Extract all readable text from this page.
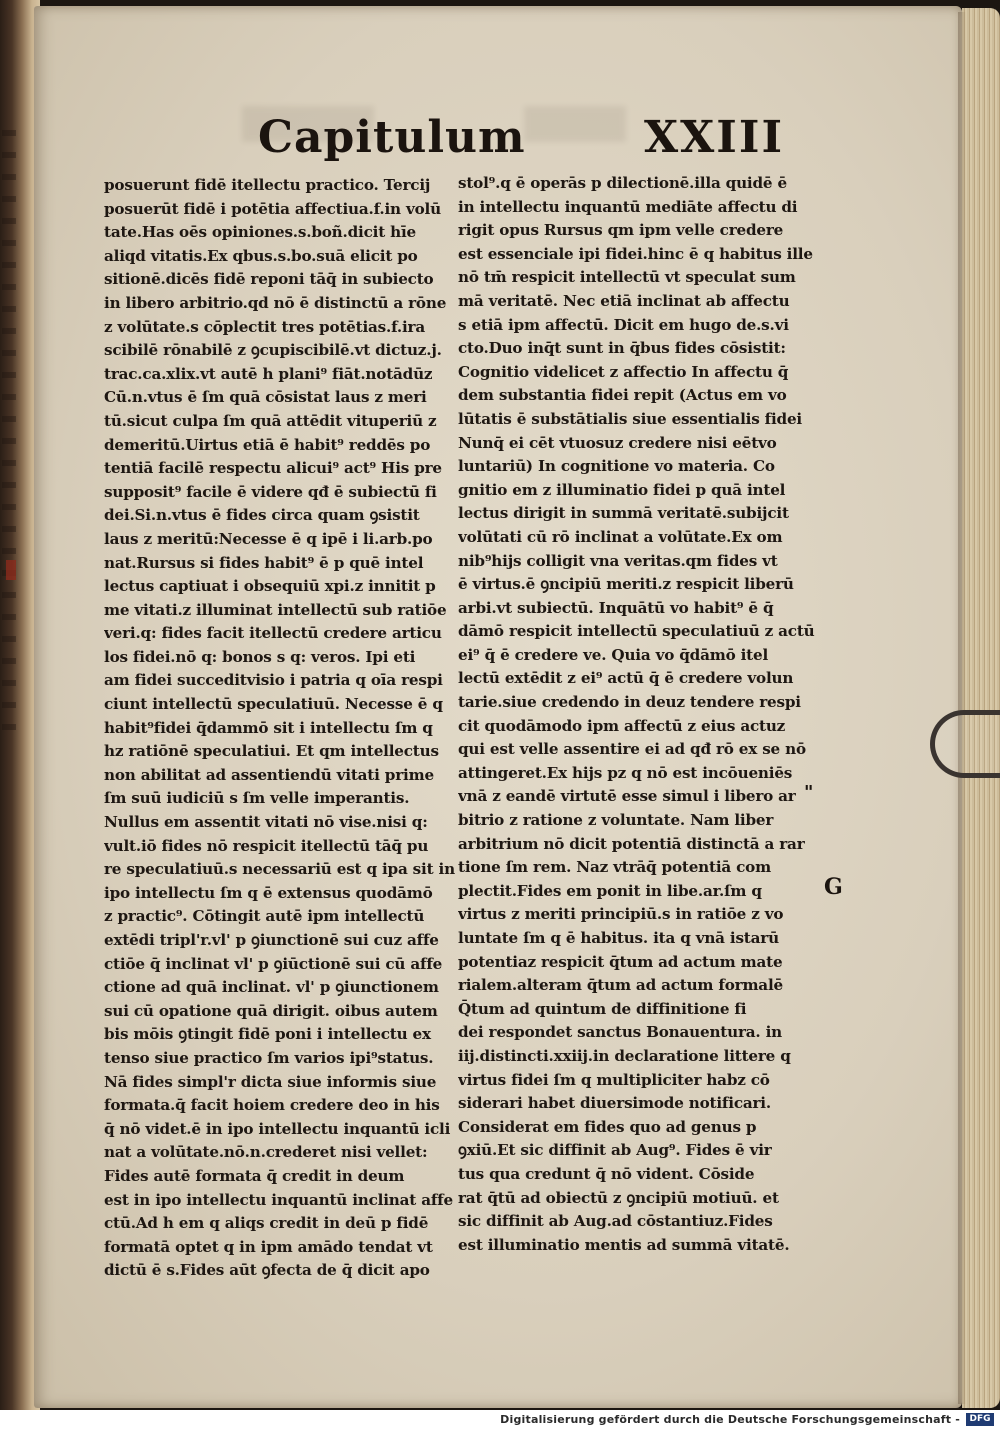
Capitulum	XXIII
posuerunt fidē itellectu practico. Tercij
posuerūt fidē i potētia affectiua.f.in volū
tate.Has oēs opiniones.s.boñ.dicit hīe
aliqd vitatis.Ex qbus.s.bo.suā elicit po
sitionē.dicēs fidē reponi tāq̄ in subiecto
in libero arbitrio.qd nō ē distinctū a rōne
z volūtate.s cōplectit tres potētias.f.ira
scibilē rōnabilē z ꝯcupiscibilē.vt dictuz.j.
trac.ca.xlix.vt autē h plani⁹ fiāt.notādūz
Cū.n.vtus ē ſm quā cōsistat laus z meri
tū.sicut culpa ſm quā attēdit vituperiū z
demeritū.Uirtus etiā ē habit⁹ reddēs po
tentiā facilē respectu alicui⁹ act⁹ His pre
supposit⁹ facile ē videre qđ ē subiectū fi
dei.Si.n.vtus ē fides circa quam ꝯsistit
laus z meritū:Necesse ē q ipē i li.arb.po
nat.Rursus si fides habit⁹ ē p quē intel
lectus captiuat i obsequiū xpi.z innitit p
me vitati.z illuminat intellectū sub ratiōe
veri.q: fides facit itellectū credere articu
los fidei.nō q: bonos s q: veros. Ipi eti
am fidei succeditvisio i patria q oīa respi
ciunt intellectū speculatiuū. Necesse ē q
habit⁹fidei q̄dammō sit i intellectu ſm q
hz ratiōnē speculatiui. Et qm intellectus
non abilitat ad assentiendū vitati prime
ſm suū iudiciū s ſm velle imperantis.
Nullus em assentit vitati nō vise.nisi q:
vult.iō fides nō respicit itellectū tāq̄ pu
re speculatiuū.s necessariū est q ipa sit in
ipo intellectu ſm q ē extensus quodāmō
z practic⁹. Cōtingit autē ipm intellectū
extēdi tripl'r.vl' p ꝯiunctionē sui cuz affe
ctiōe q̄ inclinat vl' p ꝯiūctionē sui cū affe
ctione ad quā inclinat. vl' p ꝯiunctionem
sui cū opatione quā dirigit. oibus autem
bis mōis ꝯtingit fidē poni i intellectu ex
tenso siue practico ſm varios ipi⁹status.
Nā fides simpl'r dicta siue informis siue
formata.q̄ facit hoiem credere deo in his
q̄ nō videt.ē in ipo intellectu inquantū icli
nat a volūtate.nō.n.crederet nisi vellet:
Fides autē formata q̄ credit in deum
est in ipo intellectu inquantū inclinat affe
ctū.Ad h em q aliqs credit in deū p fidē
formatā optet q in ipm amādo tendat vt
dictū ē s.Fides aūt ꝯfecta de q̄ dicit apo
stol⁹.q ē operās p dilectionē.illa quidē ē
in intellectu inquantū mediāte affectu di
rigit opus Rursus qm ipm velle credere
est essenciale ipi fidei.hinc ē q habitus ille
nō tm̄ respicit intellectū vt speculat sum
mā veritatē. Nec etiā inclinat ab affectu
s etiā ipm affectū. Dicit em hugo de.s.vi
cto.Duo inq̄t sunt in q̄bus fides cōsistit:
Cognitio videlicet z affectio In affectu q̄
dem substantia fidei repit (Actus em vo
lūtatis ē substātialis siue essentialis fidei
Nunq̄ ei cēt vtuosuz credere nisi eētvo
luntariū) In cognitione vo materia. Co
gnitio em z illuminatio fidei p quā intel
lectus dirigit in summā veritatē.subijcit
volūtati cū rō inclinat a volūtate.Ex om
nib⁹hijs colligit vna veritas.qm fides vt
ē virtus.ē ꝯncipiū meriti.z respicit liberū
arbi.vt subiectū. Inquātū vo habit⁹ ē q̄
dāmō respicit intellectū speculatiuū z actū
ei⁹ q̄ ē credere ve. Quia vo q̄dāmō itel
lectū extēdit z ei⁹ actū q̄ ē credere volun
tarie.siue credendo in deuz tendere respi
cit quodāmodo ipm affectū z eius actuz
qui est velle assentire ei ad qđ rō ex se nō
attingeret.Ex hijs pz q nō est incōueniēs
vnā z eandē virtutē esse simul i libero ar
bitrio z ratione z voluntate. Nam liber
arbitrium nō dicit potentiā distinctā a rar
tione ſm rem. Naz vtrāq̄ potentiā com
plectit.Fides em ponit in libe.ar.ſm q
virtus z meriti principiū.s in ratiōe z vo
luntate ſm q ē habitus. ita q vnā istarū
potentiaz respicit q̄tum ad actum mate
rialem.alteram q̄tum ad actum formalē
Q̄tum ad quintum de diffinitione fi
dei respondet sanctus Bonauentura. in
iij.distincti.xxiij.in declaratione littere q
virtus fidei ſm q multipliciter habz cō
siderari habet diuersimode notificari.
Considerat em fides quo ad genus p
ꝯxiū.Et sic diffinit ab Aug⁹. Fides ē vir
tus qua credunt q̄ nō vident. Cōside
rat q̄tū ad obiectū z ꝯncipiū motiuū. et
sic diffinit ab Aug.ad cōstantiuz.Fides
est illuminatio mentis ad summā vitatē.
"
G
Digitalisierung gefördert durch die Deutsche Forschungsgemeinschaft -	DFG
